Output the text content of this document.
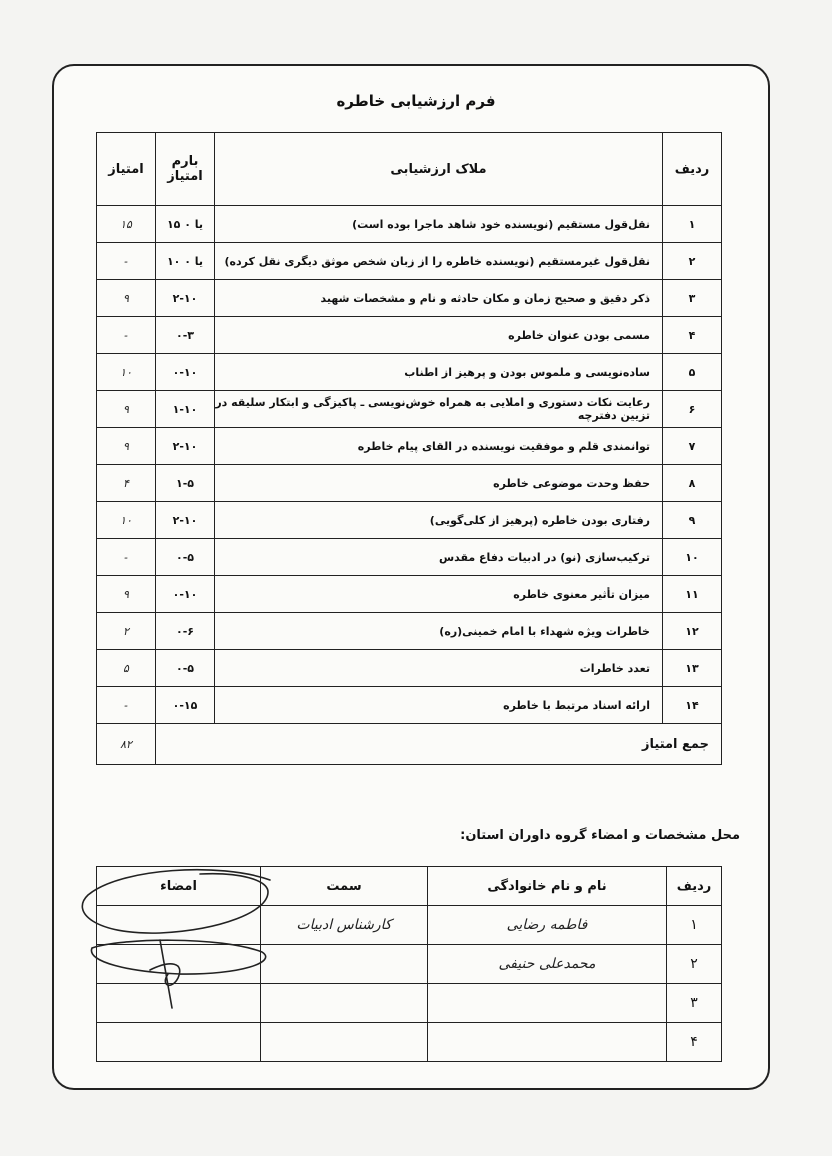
فرم ارزشیابی خاطره
ردیف	ملاک ارزشیابی	بارم امتیاز	امتیاز
۱	نقل‌قول مستقیم (نویسنده خود شاهد ماجرا بوده است)	۱۵ یا ۰	۱۵
۲	نقل‌قول غیرمستقیم (نویسنده خاطره را از زبان شخص موثق دیگری نقل کرده)	۱۰ یا ۰	-
۳	ذکر دقیق و صحیح زمان و مکان حادثه و نام و مشخصات شهید	۲-۱۰	۹
۴	مسمی بودن عنوان خاطره	۰-۳	-
۵	ساده‌نویسی و ملموس بودن و پرهیز از اطناب	۰-۱۰	۱۰
۶	رعایت نکات دستوری و املایی به همراه خوش‌نویسی ـ پاکیزگی و ابتکار سلیقه در تزیین دفترچه	۱-۱۰	۹
۷	توانمندی قلم و موفقیت نویسنده در القای پیام خاطره	۲-۱۰	۹
۸	حفظ وحدت موضوعی خاطره	۱-۵	۴
۹	رفتاری بودن خاطره (پرهیز از کلی‌گویی)	۲-۱۰	۱۰
۱۰	ترکیب‌سازی (نو) در ادبیات دفاع مقدس	۰-۵	-
۱۱	میزان تأثیر معنوی خاطره	۰-۱۰	۹
۱۲	خاطرات ویژه شهداء با امام خمینی(ره)	۰-۶	۲
۱۳	تعدد خاطرات	۰-۵	۵
۱۴	ارائه اسناد مرتبط با خاطره	۰-۱۵	-
جمع امتیاز			۸۲
محل مشخصات و امضاء گروه داوران استان:
ردیف	نام و نام خانوادگی	سمت	امضاء
۱	فاطمه رضایی	کارشناس ادبیات	
۲	محمدعلی حنیفی		
۳			
۴			
